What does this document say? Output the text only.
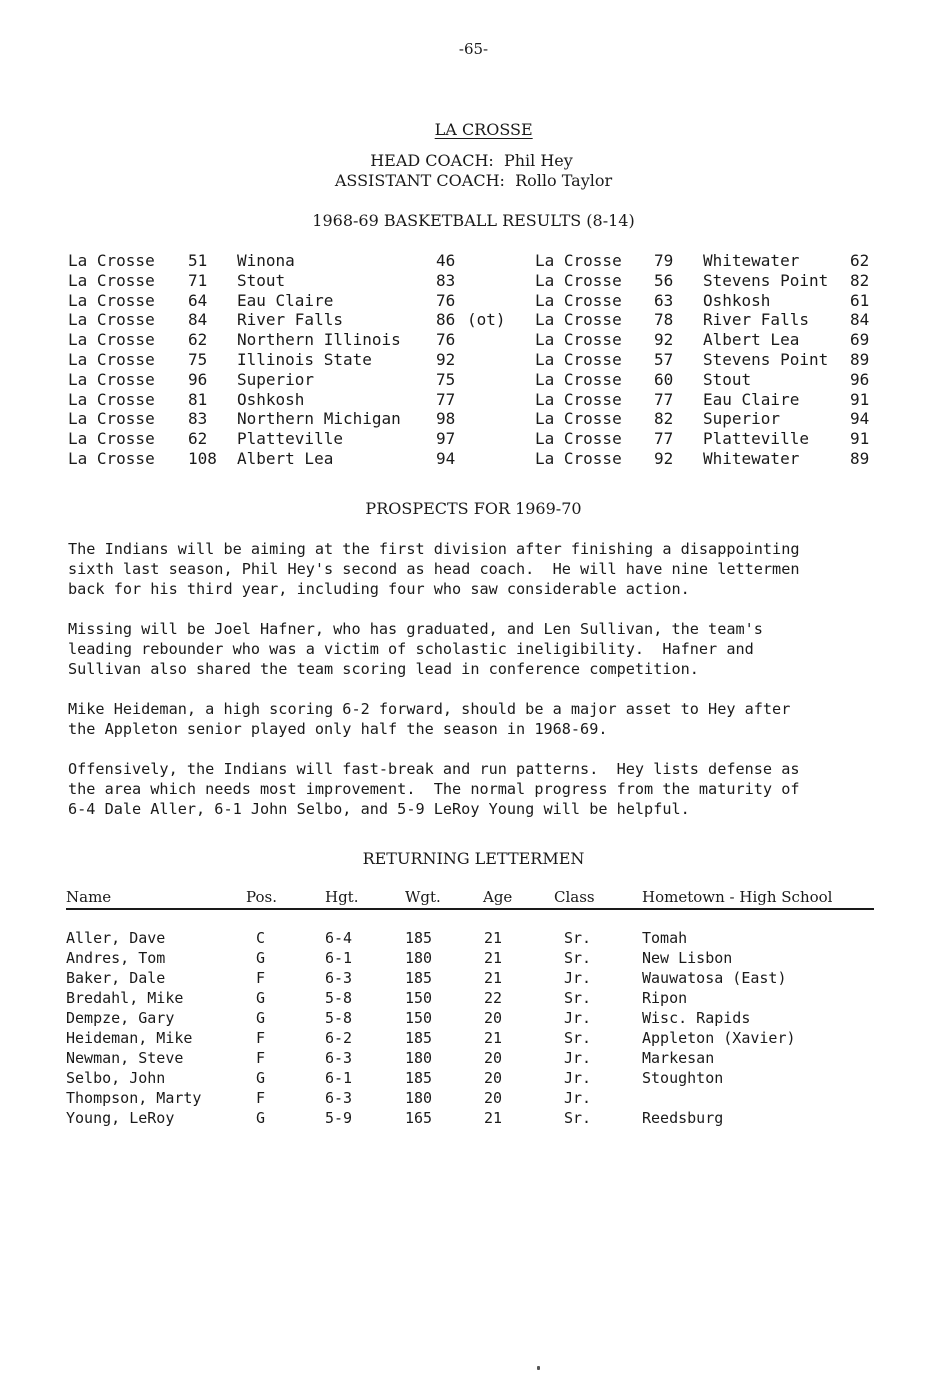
-65-

LA CROSSE

HEAD COACH:  Phil Hey
ASSISTANT COACH:  Rollo Taylor
1968-69 BASKETBALL RESULTS (8-14)
La Crosse 51 Winona	46
La Crosse 71 Stout	83
La Crosse 64 Eau Claire	76
La Crosse 84 River Falls	86 (ot)
La Crosse 62 Northern Illinois 76
La Crosse 75 Illinois State	92
La Crosse 96 Superior	75
La Crosse 81 Oshkosh	77
La Crosse 83 Northern Michigan 98
La Crosse 62 Platteville	97
La Crosse 108 Albert Lea	94
La Crosse 79 Whitewater	62
La Crosse 56 Stevens Point 82
La Crosse 63 Oshkosh	61
La Crosse 78 River Falls	84
La Crosse 92 Albert Lea	69
La Crosse 57 Stevens Point 89
La Crosse 60 Stout	96
La Crosse 77 Eau Claire	91
La Crosse 82 Superior	94
La Crosse 77 Platteville	91
La Crosse 92 Whitewater	89
PROSPECTS FOR 1969-70
The Indians will be aiming at the first division after finishing a disappointing
sixth last season, Phil Hey's second as head coach.  He will have nine lettermen
back for his third year, including four who saw considerable action.
Missing will be Joel Hafner, who has graduated, and Len Sullivan, the team's
leading rebounder who was a victim of scholastic ineligibility.  Hafner and
Sullivan also shared the team scoring lead in conference competition.
Mike Heideman, a high scoring 6-2 forward, should be a major asset to Hey after
the Appleton senior played only half the season in 1968-69.
Offensively, the Indians will fast-break and run patterns.  Hey lists defense as
the area which needs most improvement.  The normal progress from the maturity of
6-4 Dale Aller, 6-1 John Selbo, and 5-9 LeRoy Young will be helpful.
RETURNING LETTERMEN
Name	Pos.	Hgt.	Wgt.	Age	Class	Hometown - High School
Aller, Dave	C	6-4	185	21	Sr.	Tomah
Andres, Tom	G	6-1	180	21	Sr.	New Lisbon
Baker, Dale	F	6-3	185	21	Jr.	Wauwatosa (East)
Bredahl, Mike	G	5-8	150	22	Sr.	Ripon
Dempze, Gary	G	5-8	150	20	Jr.	Wisc. Rapids
Heideman, Mike	F	6-2	185	21	Sr.	Appleton (Xavier)
Newman, Steve	F	6-3	180	20	Jr.	Markesan
Selbo, John	G	6-1	185	20	Jr.	Stoughton
Thompson, Marty	F	6-3	180	20	Jr.
Young, LeRoy	G	5-9	165	21	Sr.	Reedsburg
